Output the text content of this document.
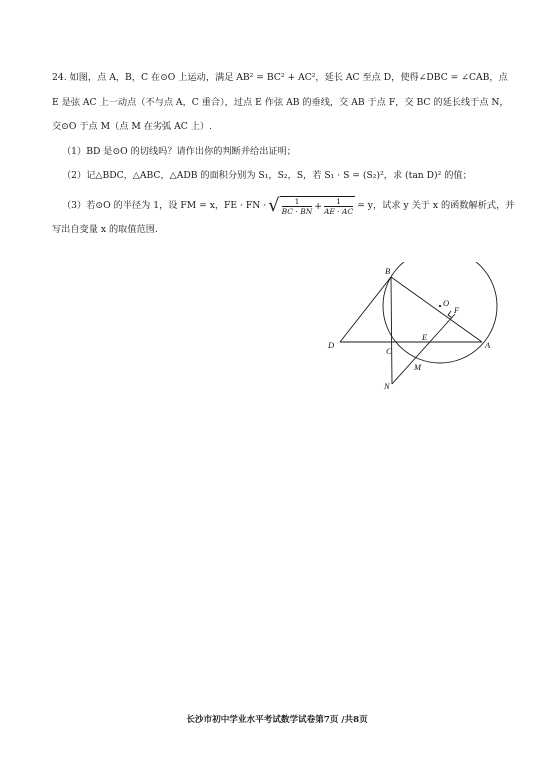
24. 如图，点 A，B，C 在⊙O 上运动，满足 AB² = BC² + AC²，延长 AC 至点 D，使得∠DBC = ∠CAB，点
E 是弦 AC 上一动点（不与点 A，C 重合），过点 E 作弦 AB 的垂线，交 AB 于点 F，交 BC 的延长线于点 N，
交⊙O 于点 M（点 M 在劣弧 AC 上）.
（1）BD 是⊙O 的切线吗？请作出你的判断并给出证明；
（2）记△BDC，△ABC，△ADB 的面积分别为 S₁，S₂，S，若 S₁ · S = (S₂)²，求 (tan D)² 的值；
（3）若⊙O 的半径为 1，设 FM = x，FE · FN · √ $\frac{1}{BC \cdot BN} + \frac{1}{AE \cdot AC} = y$，试求 y 关于 x 的函数解析式，并
写出自变量 x 的取值范围.
B
O
F
D
C
E
A
M
N
长沙市初中学业水平考试数学试卷第7页 /共8页
